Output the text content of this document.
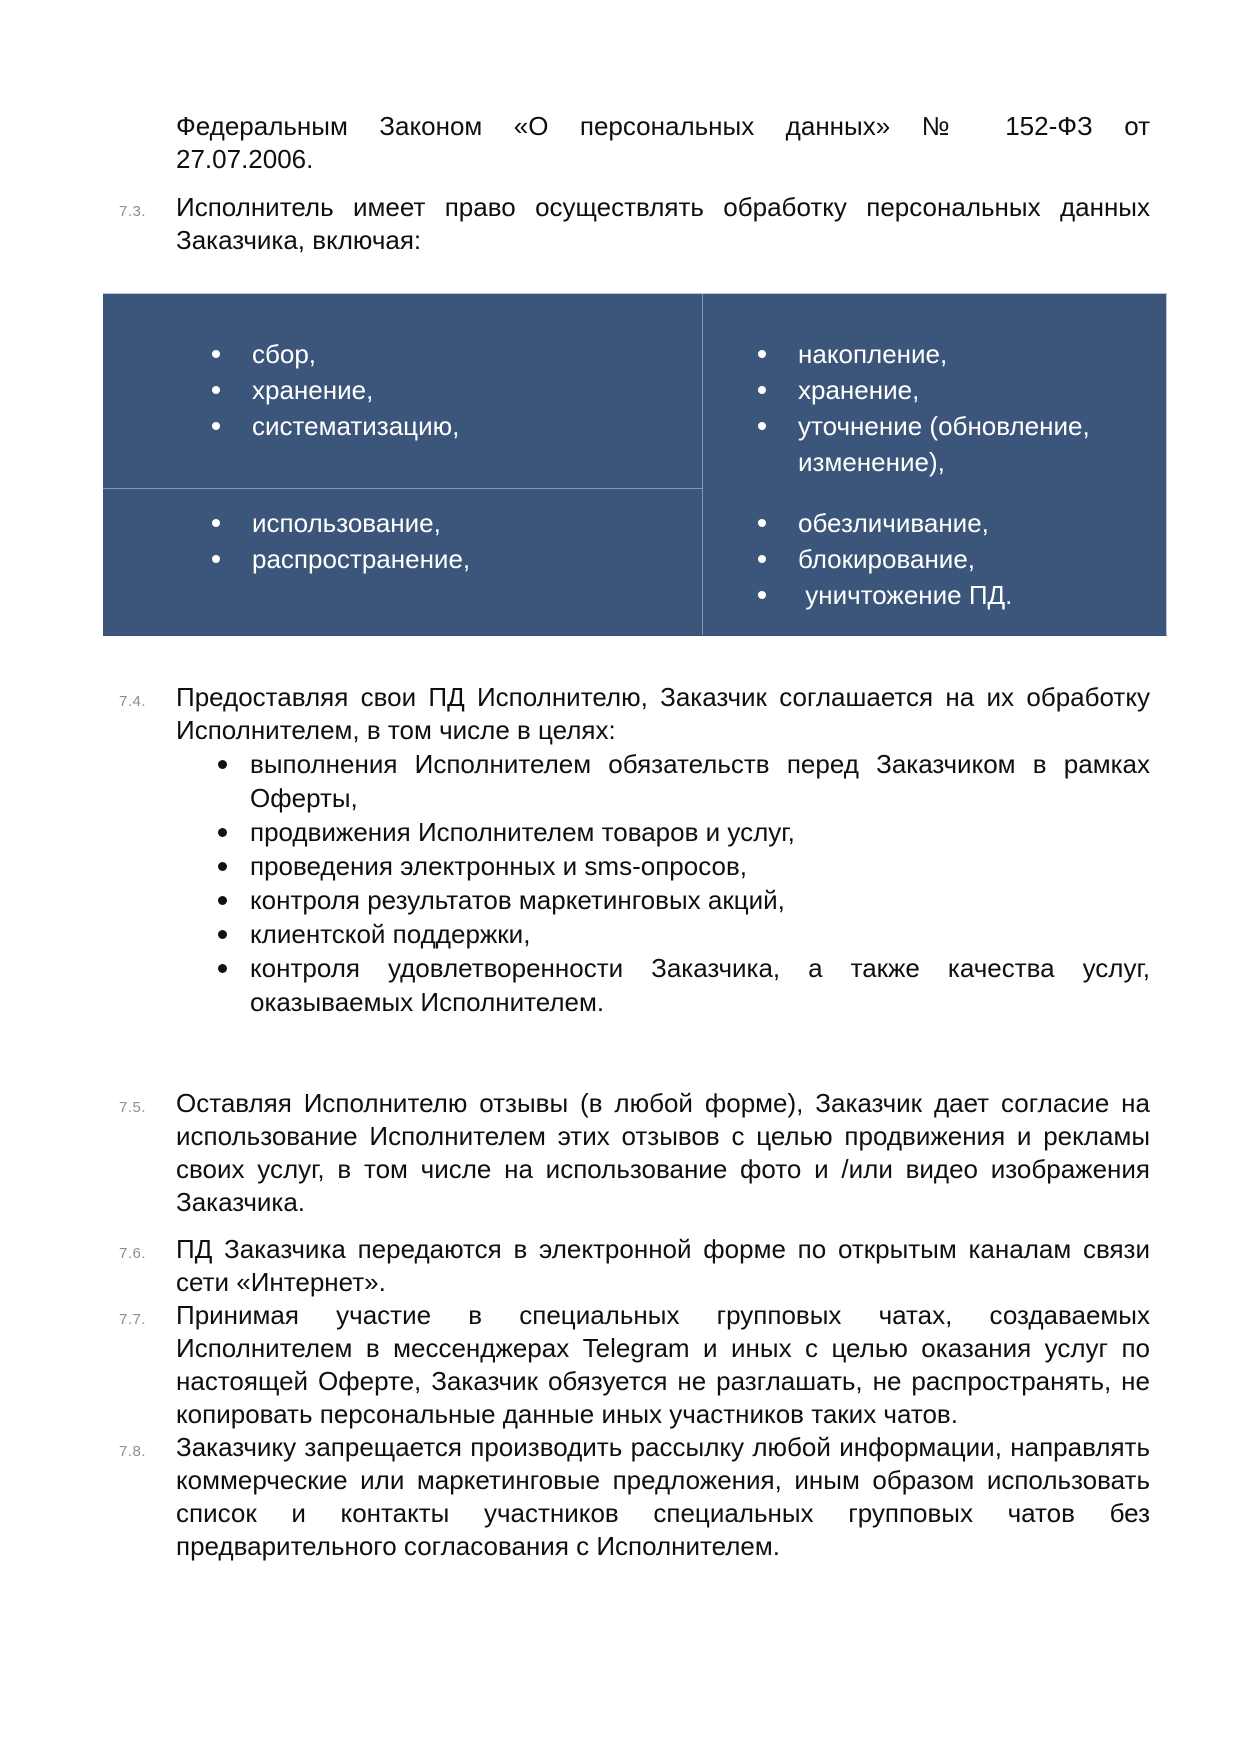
Федеральным Законом «О персональных данных» № 152-ФЗ от
27.07.2006.
7.3. Исполнитель имеет право осуществлять обработку персональных данных Заказчика, включая:
сбор,
хранение,
систематизацию,
накопление,
хранение,
уточнение (обновление, изменение),
использование,
распространение,
обезличивание,
блокирование,
уничтожение ПД.
7.4. Предоставляя свои ПД Исполнителю, Заказчик соглашается на их обработку Исполнителем, в том числе в целях:
выполнения Исполнителем обязательств перед Заказчиком в рамках Оферты,
продвижения Исполнителем товаров и услуг,
проведения электронных и sms-опросов,
контроля результатов маркетинговых акций,
клиентской поддержки,
контроля удовлетворенности Заказчика, а также качества услуг, оказываемых Исполнителем.
7.5. Оставляя Исполнителю отзывы (в любой форме), Заказчик дает согласие на использование Исполнителем этих отзывов с целью продвижения и рекламы своих услуг, в том числе на использование фото и /или видео изображения Заказчика.
7.6. ПД Заказчика передаются в электронной форме по открытым каналам связи сети «Интернет».
7.7. Принимая участие в специальных групповых чатах, создаваемых Исполнителем в мессенджерах Telegram и иных с целью оказания услуг по настоящей Оферте, Заказчик обязуется не разглашать, не распространять, не копировать персональные данные иных участников таких чатов.
7.8. Заказчику запрещается производить рассылку любой информации, направлять коммерческие или маркетинговые предложения, иным образом использовать список и контакты участников специальных групповых чатов без предварительного согласования с Исполнителем.
